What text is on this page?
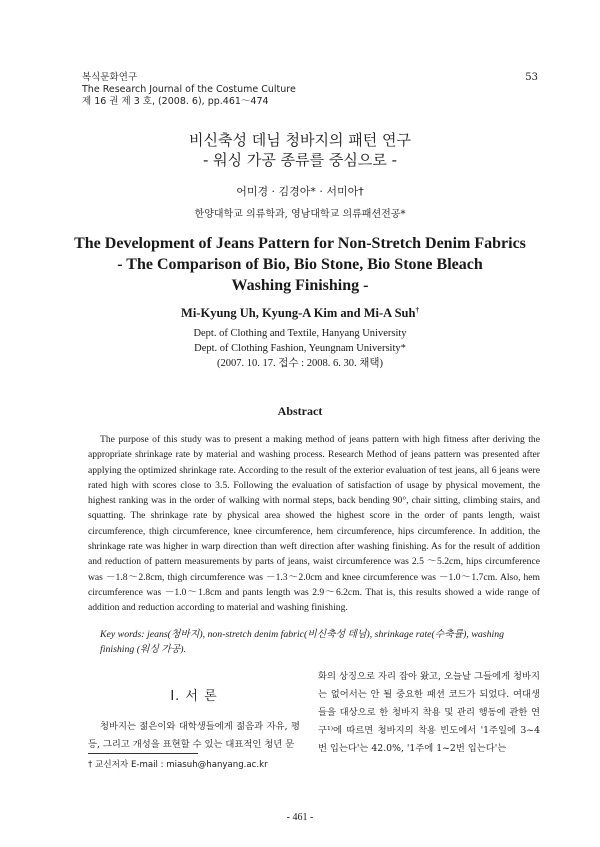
복식문화연구
The Research Journal of the Costume Culture
제 16 권 제 3 호, (2008. 6), pp.461～474
53
비신축성 데님 청바지의 패턴 연구
- 워싱 가공 종류를 중심으로 -
어미경 · 김경아* · 서미아†
한양대학교 의류학과, 영남대학교 의류패션전공*
The Development of Jeans Pattern for Non-Stretch Denim Fabrics
- The Comparison of Bio, Bio Stone, Bio Stone Bleach
Washing Finishing -
Mi-Kyung Uh, Kyung-A Kim and Mi-A Suh†
Dept. of Clothing and Textile, Hanyang University
Dept. of Clothing Fashion, Yeungnam University*
(2007. 10. 17. 접수 : 2008. 6. 30. 채택)
Abstract
The purpose of this study was to present a making method of jeans pattern with high fitness after deriving the appropriate shrinkage rate by material and washing process. Research Method of jeans pattern was presented after applying the optimized shrinkage rate. According to the result of the exterior evaluation of test jeans, all 6 jeans were rated high with scores close to 3.5. Following the evaluation of satisfaction of usage by physical movement, the highest ranking was in the order of walking with normal steps, back bending 90°, chair sitting, climbing stairs, and squatting. The shrinkage rate by physical area showed the highest score in the order of pants length, waist circumference, thigh circumference, knee circumference, hem circumference, hips circumference. In addition, the shrinkage rate was higher in warp direction than weft direction after washing finishing. As for the result of addition and reduction of pattern measurements by parts of jeans, waist circumference was 2.5 ～5.2cm, hips circumference was －1.8～2.8cm, thigh circumference was －1.3～2.0cm and knee circumference was －1.0～1.7cm. Also, hem circumference was －1.0～1.8cm and pants length was 2.9～6.2cm. That is, this results showed a wide range of addition and reduction according to material and washing finishing.
Key words: jeans(청바지), non-stretch denim fabric(비신축성 데님), shrinkage rate(수축률), washing finishing (워싱 가공).
Ⅰ. 서 론
청바지는 젊은이와 대학생들에게 젊음과 자유, 평등, 그리고 개성을 표현할 수 있는 대표적인 청년 문
화의 상징으로 자리 잡아 왔고, 오늘날 그들에게 청바지는 없어서는 안 될 중요한 패션 코드가 되었다. 여대생들을 대상으로 한 청바지 착용 및 관리 행동에 관한 연구¹⁾에 따르면 청바지의 착용 빈도에서 '1주일에 3~4번 입는다'는 42.0%, '1주에 1~2번 입는다'는
† 교신저자 E-mail : miasuh@hanyang.ac.kr
- 461 -
